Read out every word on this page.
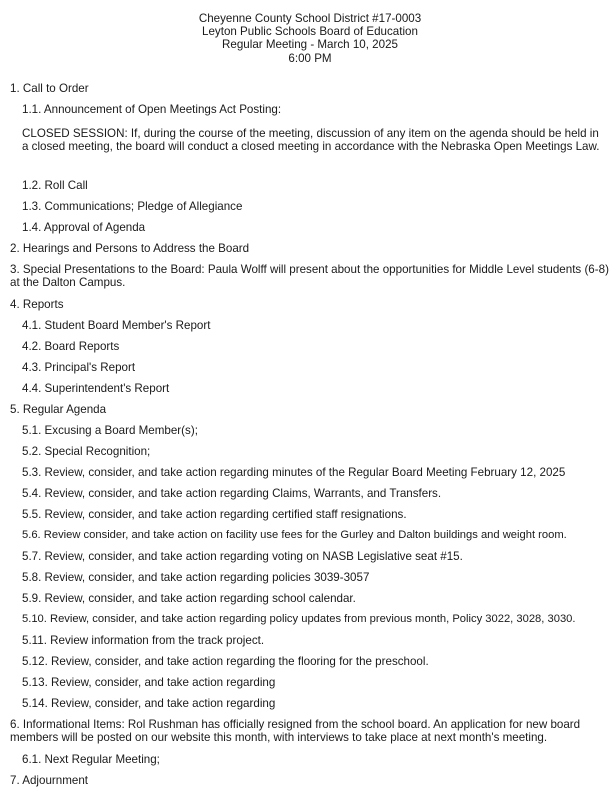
Cheyenne County School District #17-0003
Leyton Public Schools Board of Education
Regular Meeting - March 10, 2025
6:00 PM
1. Call to Order
1.1. Announcement of Open Meetings Act Posting:
CLOSED SESSION: If, during the course of the meeting, discussion of any item on the agenda should be held in a closed meeting, the board will conduct a closed meeting in accordance with the Nebraska Open Meetings Law.
1.2. Roll Call
1.3. Communications; Pledge of Allegiance
1.4. Approval of Agenda
2. Hearings and Persons to Address the Board
3. Special Presentations to the Board: Paula Wolff will present about the opportunities for Middle Level students (6-8) at the Dalton Campus.
4. Reports
4.1. Student Board Member's Report
4.2. Board Reports
4.3. Principal's Report
4.4. Superintendent's Report
5. Regular Agenda
5.1. Excusing a Board Member(s);
5.2. Special Recognition;
5.3. Review, consider, and take action regarding minutes of the Regular Board Meeting February 12, 2025
5.4. Review, consider, and take action regarding Claims, Warrants, and Transfers.
5.5. Review, consider, and take action regarding certified staff resignations.
5.6. Review consider, and take action on facility use fees for the Gurley and Dalton buildings and weight room.
5.7. Review, consider, and take action regarding voting on NASB Legislative seat #15.
5.8. Review, consider, and take action regarding policies 3039-3057
5.9. Review, consider, and take action regarding school calendar.
5.10. Review, consider, and take action regarding policy updates from previous month, Policy 3022, 3028, 3030.
5.11. Review information from the track project.
5.12. Review, consider, and take action regarding the flooring for the preschool.
5.13. Review, consider, and take action regarding
5.14. Review, consider, and take action regarding
6. Informational Items: Rol Rushman has officially resigned from the school board. An application for new board members will be posted on our website this month, with interviews to take place at next month's meeting.
6.1. Next Regular Meeting;
7. Adjournment
